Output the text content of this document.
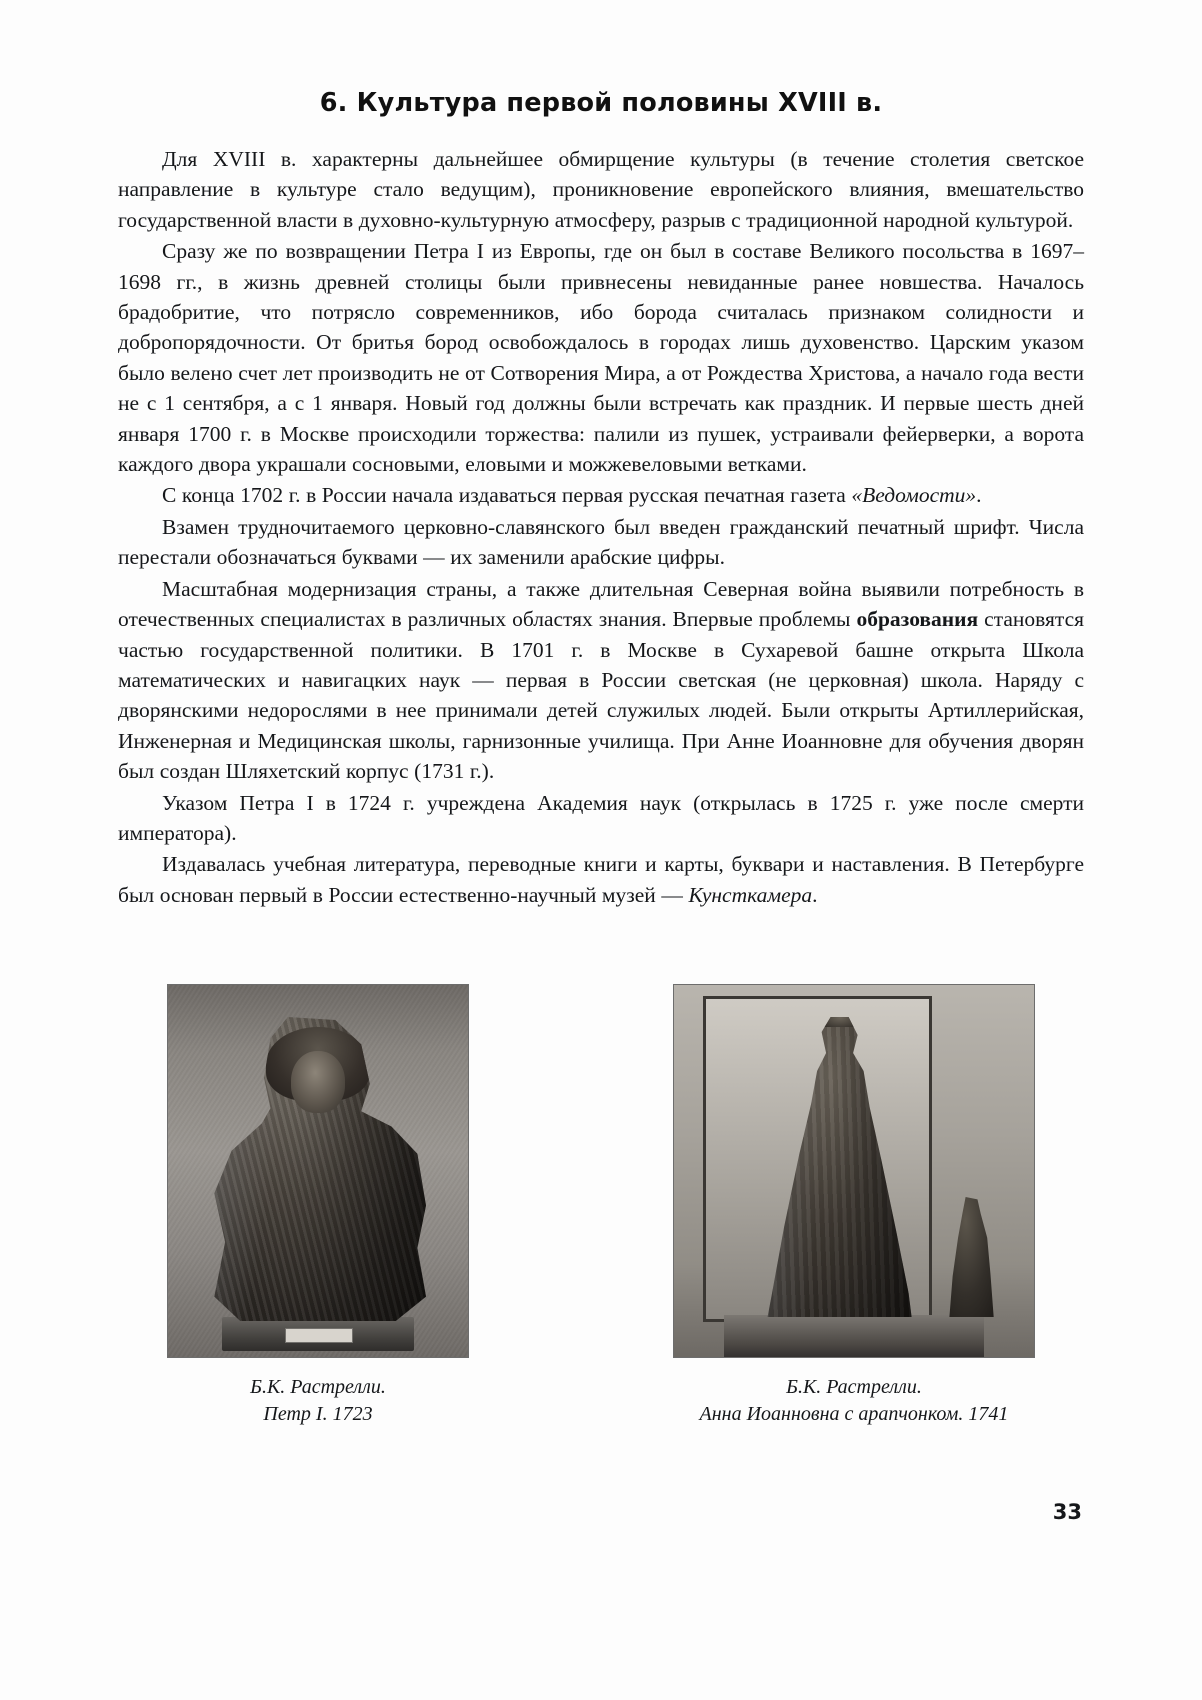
6. Культура первой половины XVIII в.

Для XVIII в. характерны дальнейшее обмирщение культуры (в течение столетия светское направление в культуре стало ведущим), проникновение европейского влияния, вмешательство государственной власти в духовно-культурную атмосферу, разрыв с традиционной народной культурой.

Сразу же по возвращении Петра I из Европы, где он был в составе Великого посольства в 1697–1698 гг., в жизнь древней столицы были привнесены невиданные ранее новшества. Началось брадобритие, что потрясло современников, ибо борода считалась признаком солидности и добропорядочности. От бритья бород освобождалось в городах лишь духовенство. Царским указом было велено счет лет производить не от Сотворения Мира, а от Рождества Христова, а начало года вести не с 1 сентября, а с 1 января. Новый год должны были встречать как праздник. И первые шесть дней января 1700 г. в Москве происходили торжества: палили из пушек, устраивали фейерверки, а ворота каждого двора украшали сосновыми, еловыми и можжевеловыми ветками.

С конца 1702 г. в России начала издаваться первая русская печатная газета «Ведомости».

Взамен трудночитаемого церковно-славянского был введен гражданский печатный шрифт. Числа перестали обозначаться буквами — их заменили арабские цифры.

Масштабная модернизация страны, а также длительная Северная война выявили потребность в отечественных специалистах в различных областях знания. Впервые проблемы образования становятся частью государственной политики. В 1701 г. в Москве в Сухаревой башне открыта Школа математических и навигацких наук — первая в России светская (не церковная) школа. Наряду с дворянскими недорослями в нее принимали детей служилых людей. Были открыты Артиллерийская, Инженерная и Медицинская школы, гарнизонные училища. При Анне Иоанновне для обучения дворян был создан Шляхетский корпус (1731 г.).

Указом Петра I в 1724 г. учреждена Академия наук (открылась в 1725 г. уже после смерти императора).

Издавалась учебная литература, переводные книги и карты, буквари и наставления. В Петербурге был основан первый в России естественно-научный музей — Кунсткамера.

Б.К. Растрелли.
Петр I. 1723
Б.К. Растрелли.
Анна Иоанновна с арапчонком. 1741
33
